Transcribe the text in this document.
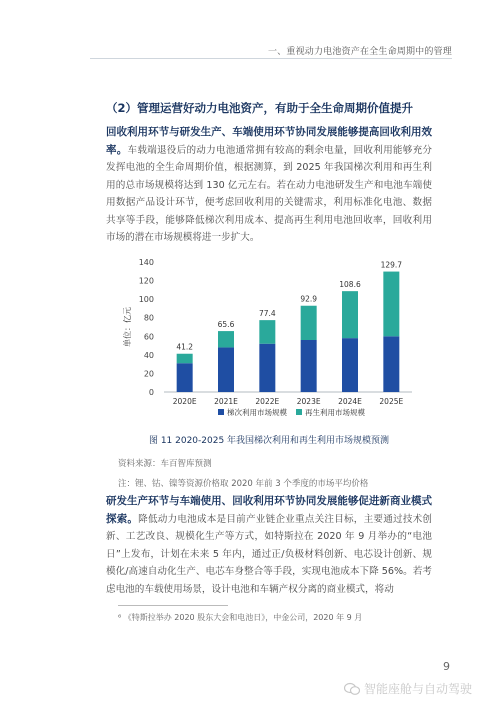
一、重视动力电池资产在全生命周期中的管理
（2）管理运营好动力电池资产，有助于全生命周期价值提升

回收利用环节与研发生产、车端使用环节协同发展能够提高回收利用效率。车载端退役后的动力电池通常拥有较高的剩余电量，回收利用能够充分发挥电池的全生命周期价值，根据测算，到 2025 年我国梯次利用和再生利用的总市场规模将达到 130 亿元左右。若在动力电池研发生产和电池车端使用数据产品设计环节，便考虑回收利用的关键需求，利用标准化电池、数据共享等手段，能够降低梯次利用成本、提高再生利用电池回收率，回收利用市场的潜在市场规模将进一步扩大。

单位：亿元
0
20
40
60
80
100
120
140
41.2
2020E
65.6
2021E
77.4
2022E
92.9
2023E
108.6
2024E
129.7
2025E
梯次利用市场规模 再生利用市场规模
图 11 2020-2025 年我国梯次利用和再生利用市场规模预测
资料来源：车百智库预测
注：锂、钴、镍等资源价格取 2020 年前 3 个季度的市场平均价格

研发生产环节与车端使用、回收利用环节协同发展能够促进新商业模式探索。降低动力电池成本是目前产业链企业重点关注目标，主要通过技术创新、工艺改良、规模化生产等方式，如特斯拉在 2020 年 9 月举办的“电池日”上发布，计划在未来 5 年内，通过正/负极材料创新、电芯设计创新、规模化/高速自动化生产、电芯车身整合等手段，实现电池成本下降 56%。若考虑电池的车载使用场景，设计电池和车辆产权分离的商业模式，将动

⁶ 《特斯拉举办 2020 股东大会和电池日》，中金公司，2020 年 9 月
9
智能座舱与自动驾驶
